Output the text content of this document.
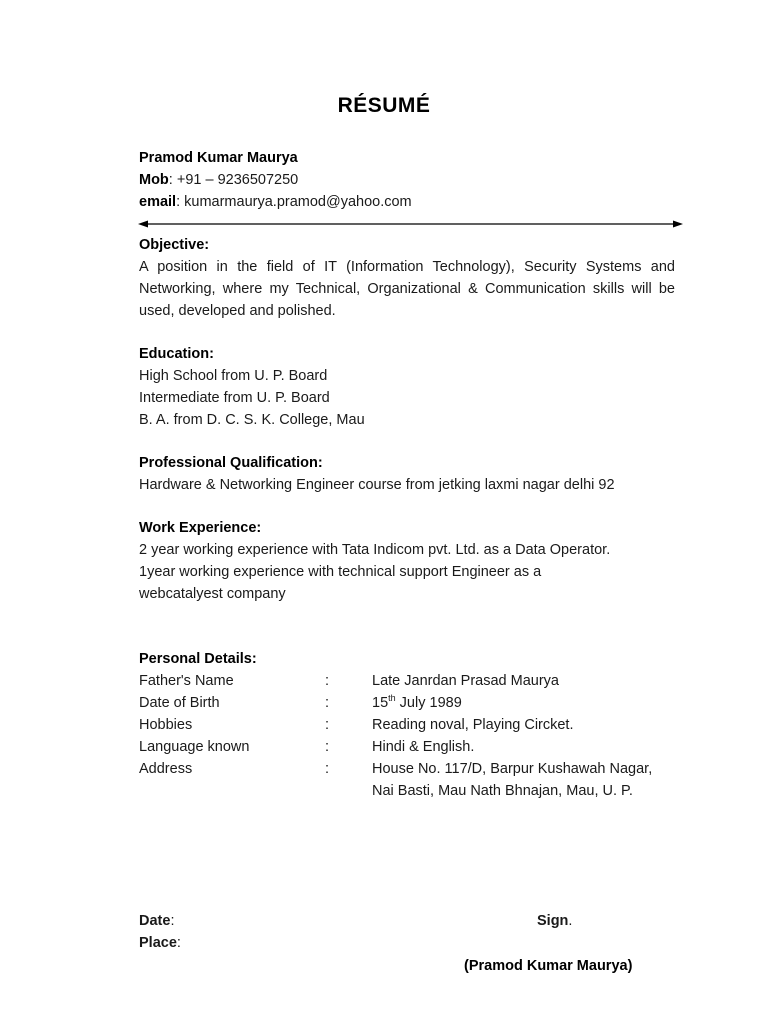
RÉSUMÉ
Pramod Kumar Maurya
Mob: +91 – 9236507250
email: kumarmaurya.pramod@yahoo.com
Objective:
A position in the field of IT (Information Technology), Security Systems and Networking, where my Technical, Organizational & Communication skills will be used, developed and polished.
Education:
High School from U. P. Board
Intermediate from U. P. Board
B. A. from D. C. S. K. College, Mau
Professional Qualification:
Hardware & Networking Engineer course from jetking laxmi nagar delhi 92
Work Experience:
2 year working experience with Tata Indicom pvt. Ltd. as a Data Operator.
1year working experience with technical support Engineer as a webcatalyest company
Personal Details:
Father's Name	:	Late Janrdan Prasad Maurya
Date of Birth	:	15th July 1989
Hobbies	:	Reading noval, Playing Circket.
Language known	:	Hindi & English.
Address	:	House No. 117/D, Barpur Kushawah Nagar, Nai Basti, Mau Nath Bhnajan, Mau, U. P.
Date:
Place:
Sign.
(Pramod Kumar Maurya)
